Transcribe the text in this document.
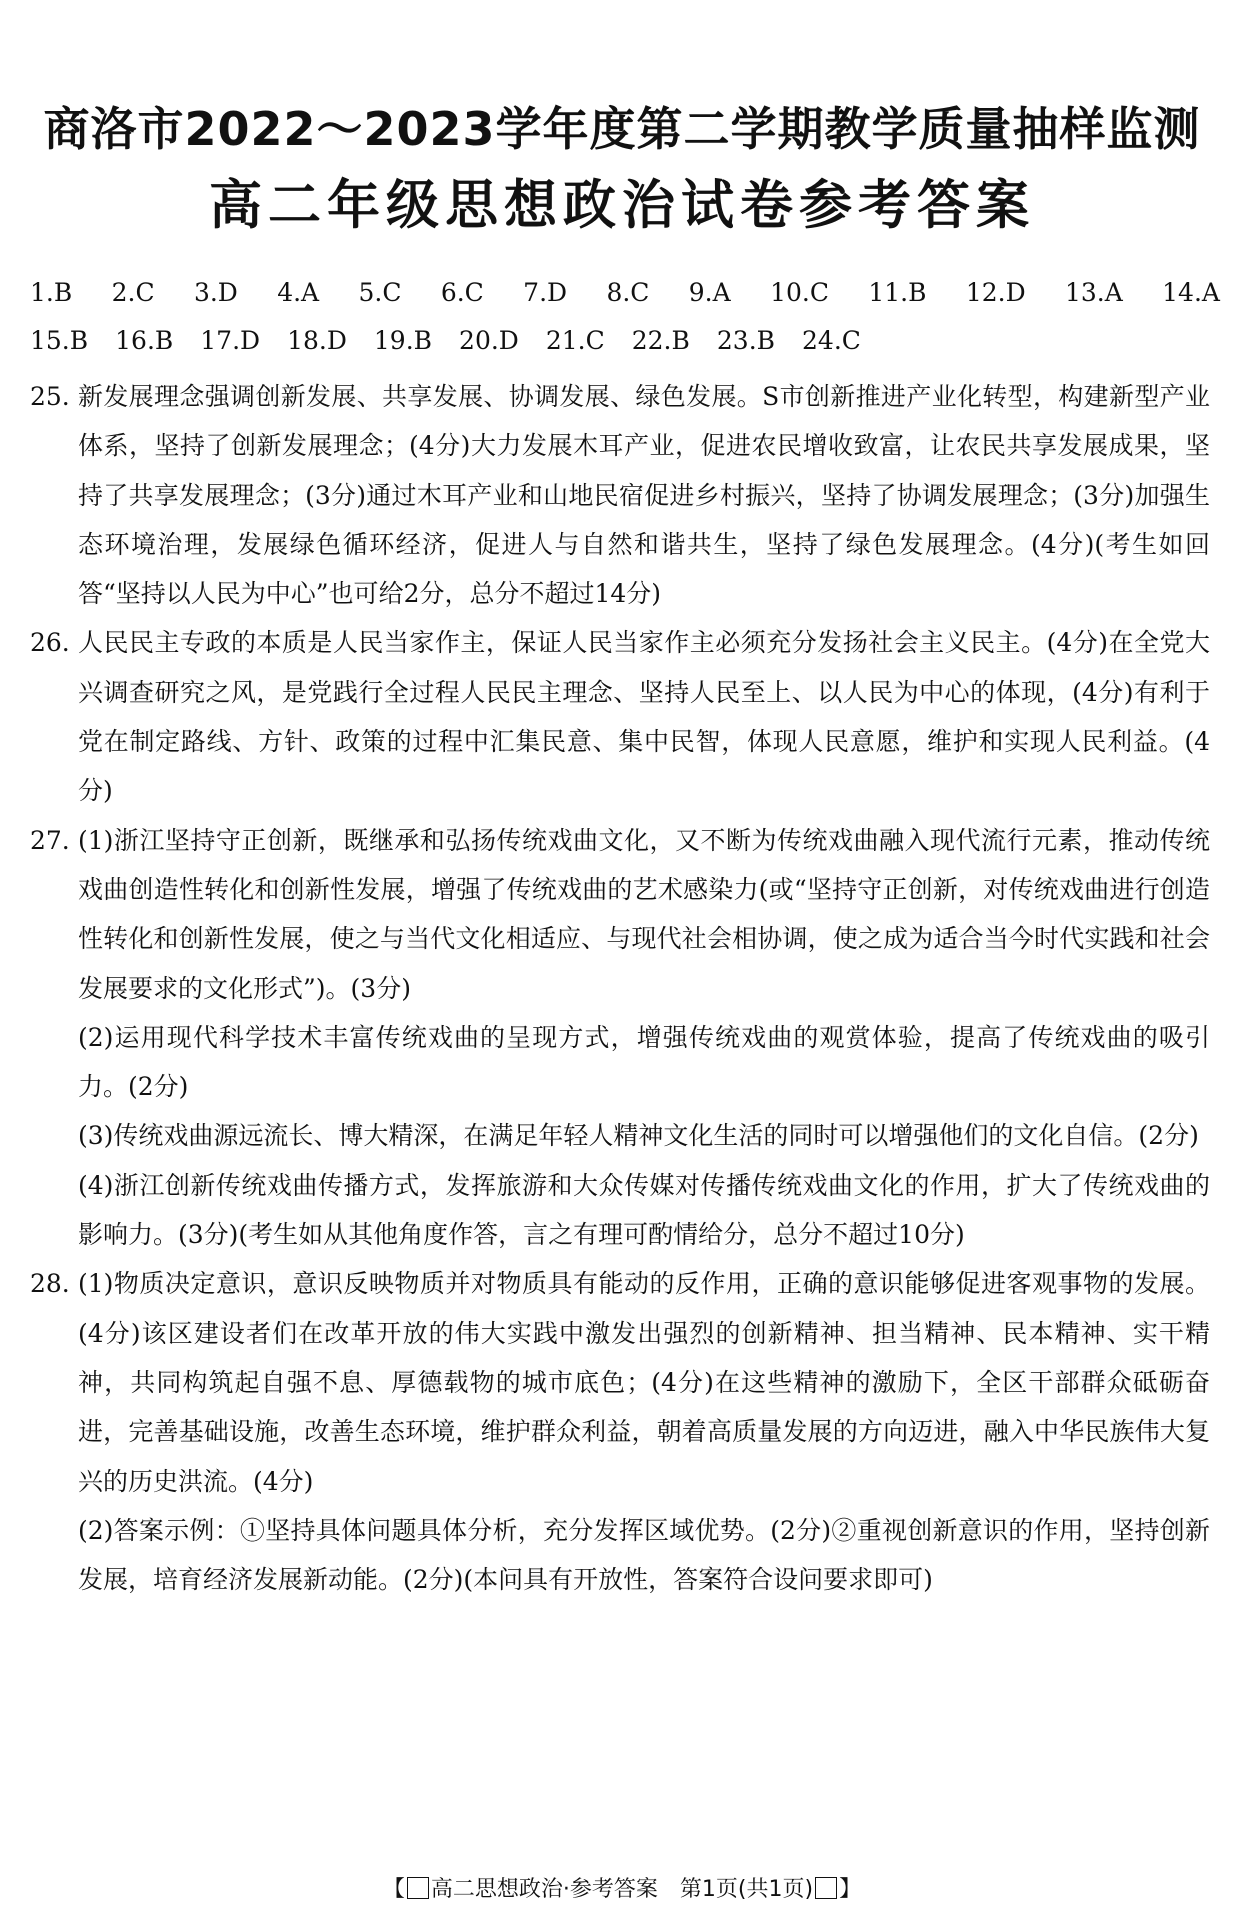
商洛市2022～2023学年度第二学期教学质量抽样监测
高二年级思想政治试卷参考答案
1.B 2.C 3.D 4.A 5.C 6.C 7.D 8.C 9.A 10.C 11.B 12.D 13.A 14.A
15.B 16.B 17.D 18.D 19.B 20.D 21.C 22.B 23.B 24.C
25. 新发展理念强调创新发展、共享发展、协调发展、绿色发展。S市创新推进产业化转型，构建新型产业体系，坚持了创新发展理念；(4分)大力发展木耳产业，促进农民增收致富，让农民共享发展成果，坚持了共享发展理念；(3分)通过木耳产业和山地民宿促进乡村振兴，坚持了协调发展理念；(3分)加强生态环境治理，发展绿色循环经济，促进人与自然和谐共生，坚持了绿色发展理念。(4分)(考生如回答“坚持以人民为中心”也可给2分，总分不超过14分)

26. 人民民主专政的本质是人民当家作主，保证人民当家作主必须充分发扬社会主义民主。(4分)在全党大兴调查研究之风，是党践行全过程人民民主理念、坚持人民至上、以人民为中心的体现，(4分)有利于党在制定路线、方针、政策的过程中汇集民意、集中民智，体现人民意愿，维护和实现人民利益。(4分)

27. (1)浙江坚持守正创新，既继承和弘扬传统戏曲文化，又不断为传统戏曲融入现代流行元素，推动传统戏曲创造性转化和创新性发展，增强了传统戏曲的艺术感染力(或“坚持守正创新，对传统戏曲进行创造性转化和创新性发展，使之与当代文化相适应、与现代社会相协调，使之成为适合当今时代实践和社会发展要求的文化形式”)。(3分)

(2)运用现代科学技术丰富传统戏曲的呈现方式，增强传统戏曲的观赏体验，提高了传统戏曲的吸引力。(2分)

(3)传统戏曲源远流长、博大精深，在满足年轻人精神文化生活的同时可以增强他们的文化自信。(2分)

(4)浙江创新传统戏曲传播方式，发挥旅游和大众传媒对传播传统戏曲文化的作用，扩大了传统戏曲的影响力。(3分)(考生如从其他角度作答，言之有理可酌情给分，总分不超过10分)

28. (1)物质决定意识，意识反映物质并对物质具有能动的反作用，正确的意识能够促进客观事物的发展。(4分)该区建设者们在改革开放的伟大实践中激发出强烈的创新精神、担当精神、民本精神、实干精神，共同构筑起自强不息、厚德载物的城市底色；(4分)在这些精神的激励下，全区干部群众砥砺奋进，完善基础设施，改善生态环境，维护群众利益，朝着高质量发展的方向迈进，融入中华民族伟大复兴的历史洪流。(4分)

(2)答案示例：①坚持具体问题具体分析，充分发挥区域优势。(2分)②重视创新意识的作用，坚持创新发展，培育经济发展新动能。(2分)(本问具有开放性，答案符合设问要求即可)

【 高二思想政治·参考答案　第1页(共1页) 】
